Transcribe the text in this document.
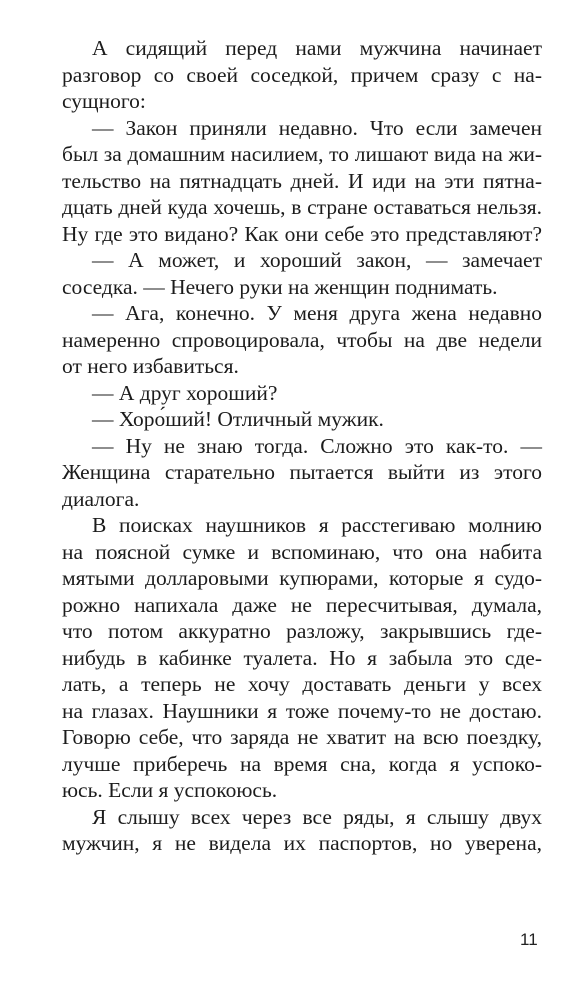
А сидящий перед нами мужчина начинает
разговор со своей соседкой, причем сразу с на-
сущного:
— Закон приняли недавно. Что если замечен
был за домашним насилием, то лишают вида на жи-
тельство на пятнадцать дней. И иди на эти пятна-
дцать дней куда хочешь, в стране оставаться нельзя.
Ну где это видано? Как они себе это представляют?
— А может, и хороший закон, — замечает
соседка. — Нечего руки на женщин поднимать.
— Ага, конечно. У меня друга жена недавно
намеренно спровоцировала, чтобы на две недели
от него избавиться.
— А друг хороший?
— Хоро́ший! Отличный мужик.
— Ну не знаю тогда. Сложно это как-то. —
Женщина старательно пытается выйти из этого
диалога.
В поисках наушников я расстегиваю молнию
на поясной сумке и вспоминаю, что она набита
мятыми долларовыми купюрами, которые я судо-
рожно напихала даже не пересчитывая, думала,
что потом аккуратно разложу, закрывшись где-
нибудь в кабинке туалета. Но я забыла это сде-
лать, а теперь не хочу доставать деньги у всех
на глазах. Наушники я тоже почему-то не достаю.
Говорю себе, что заряда не хватит на всю поездку,
лучше приберечь на время сна, когда я успоко-
юсь. Если я успокоюсь.
Я слышу всех через все ряды, я слышу двух
мужчин, я не видела их паспортов, но уверена,
11
